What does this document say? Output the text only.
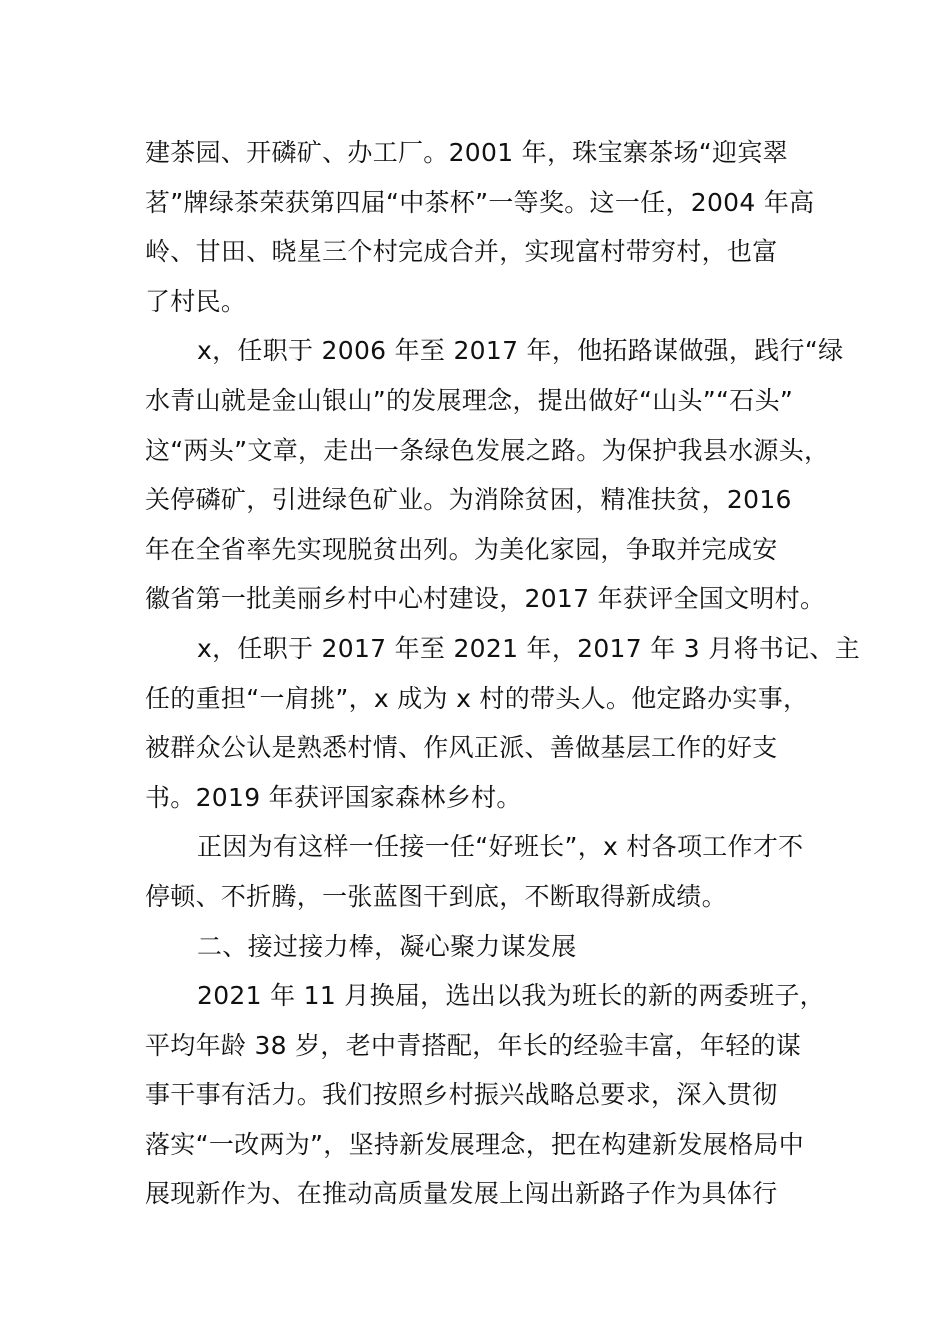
建茶园、开磷矿、办工厂。2001 年，珠宝寨茶场“迎宾翠
茗”牌绿茶荣获第四届“中茶杯”一等奖。这一任，2004 年高
岭、甘田、晓星三个村完成合并，实现富村带穷村，也富
了村民。
x，任职于 2006 年至 2017 年，他拓路谋做强，践行“绿
水青山就是金山银山”的发展理念，提出做好“山头”“石头”
这“两头”文章，走出一条绿色发展之路。为保护我县水源头，
关停磷矿，引进绿色矿业。为消除贫困，精准扶贫，2016
年在全省率先实现脱贫出列。为美化家园，争取并完成安
徽省第一批美丽乡村中心村建设，2017 年获评全国文明村。
x，任职于 2017 年至 2021 年，2017 年 3 月将书记、主
任的重担“一肩挑”，x 成为 x 村的带头人。他定路办实事，
被群众公认是熟悉村情、作风正派、善做基层工作的好支
书。2019 年获评国家森林乡村。
正因为有这样一任接一任“好班长”，x 村各项工作才不
停顿、不折腾，一张蓝图干到底，不断取得新成绩。
二、接过接力棒，凝心聚力谋发展
2021 年 11 月换届，选出以我为班长的新的两委班子，
平均年龄 38 岁，老中青搭配，年长的经验丰富，年轻的谋
事干事有活力。我们按照乡村振兴战略总要求，深入贯彻
落实“一改两为”，坚持新发展理念，把在构建新发展格局中
展现新作为、在推动高质量发展上闯出新路子作为具体行
